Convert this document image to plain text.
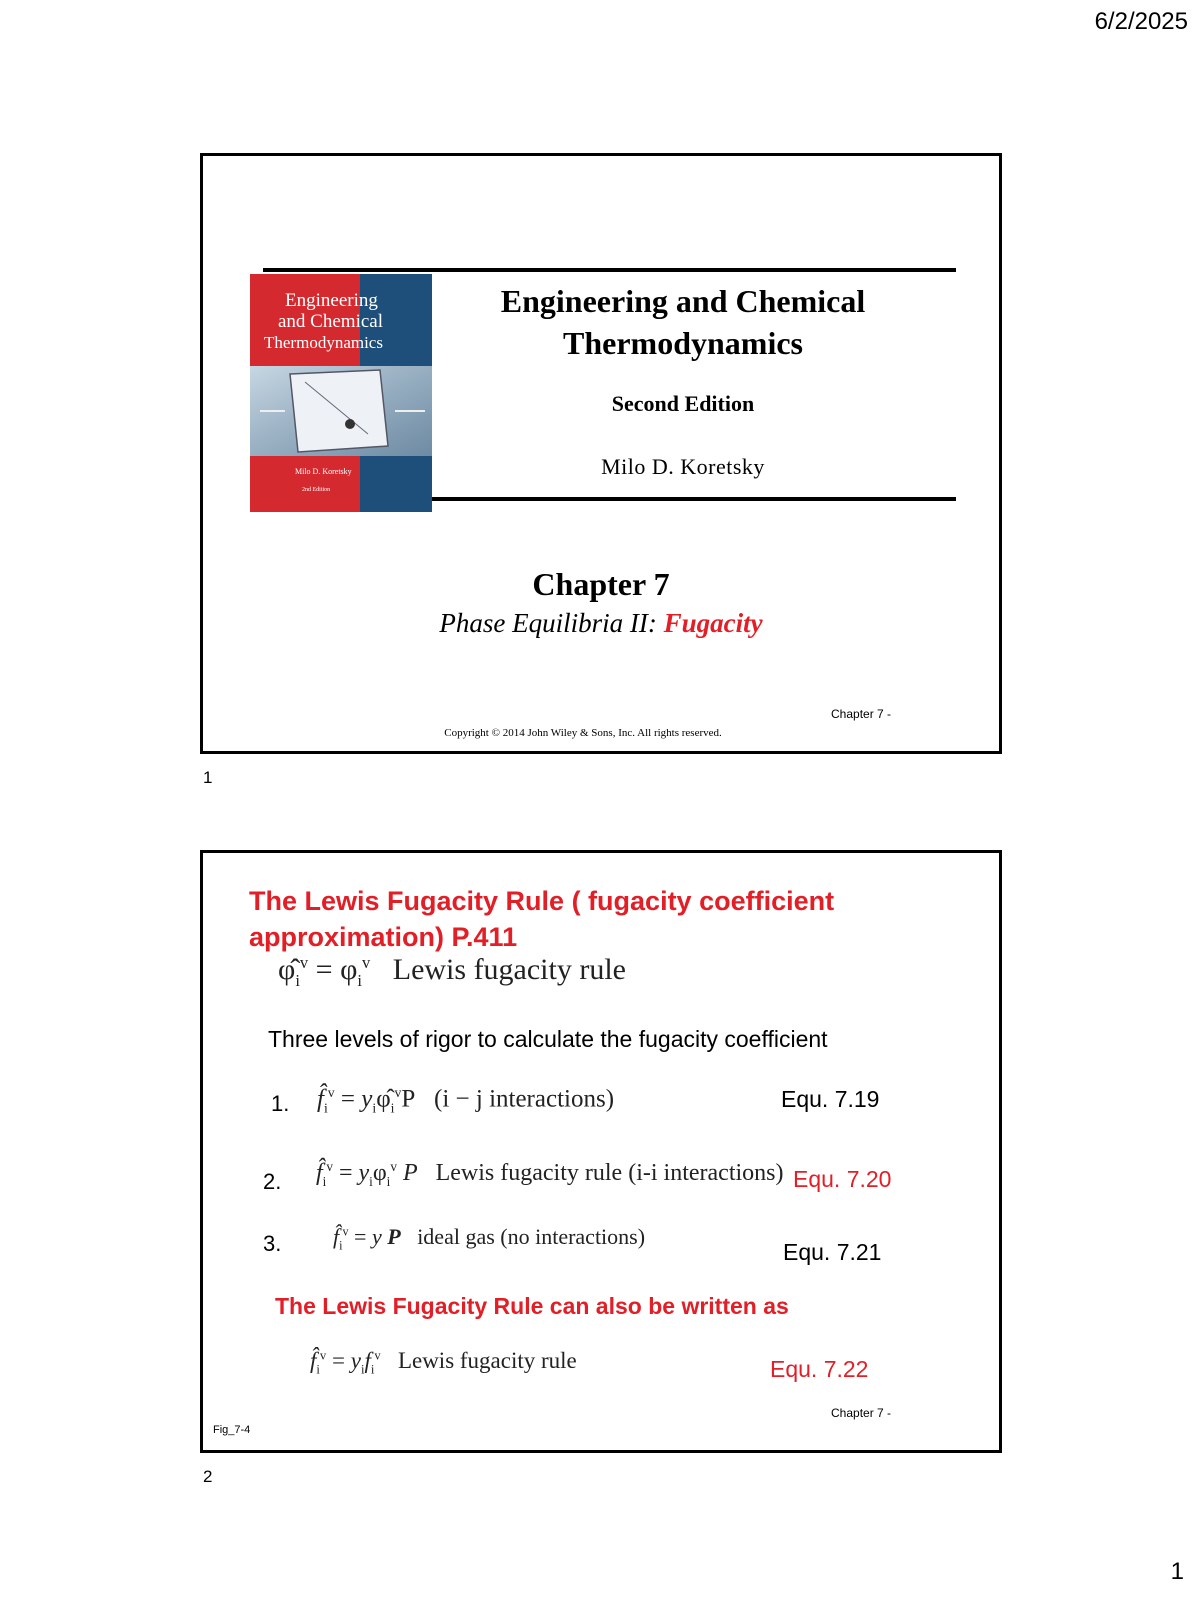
6/2/2025
Engineering
and Chemical
Thermodynamics
Milo D. Koretsky
2nd Edition
Engineering and Chemical
Thermodynamics
Second Edition
Milo D. Koretsky
Chapter 7
Phase Equilibria II: Fugacity
Copyright © 2014 John Wiley & Sons, Inc. All rights reserved.
Chapter 7 -
1
The Lewis Fugacity Rule ( fugacity coefficient approximation) P.411
$\varphî_i^v = \varphi_i^v$ Lewis fugacity rule
Three levels of rigor to calculate the fugacity coefficient
1. $f̂_i^v$ = $y_i\varphî_i^vP$   (i − j interactions)	Equ. 7.19
2. $f̂_i^v = y_i\varphi_i^v$ P Lewis fugacity rule (i-i interactions) Equ. 7.20
3. $f̂_i^v = y$ P ideal gas (no interactions)
Equ. 7.21
The Lewis Fugacity Rule can also be written as
$f̂_i^v = y_if_i^v$ Lewis fugacity rule	Equ. 7.22
Fig_7-4
Chapter 7 -
2
1
